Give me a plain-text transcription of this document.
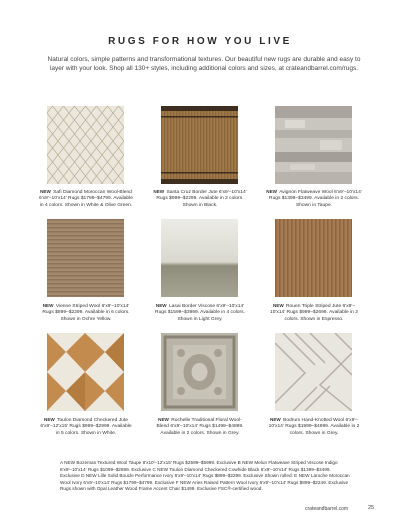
RUGS FOR HOW YOU LIVE
Natural colors, simple patterns and transformational textures. Our beautiful new rugs are durable and easy to layer with your look. Shop all 130+ styles, including additional colors and sizes, at crateandbarrel.com/rugs.
NEW Safi Diamond Moroccan Wool-Blend 6'x9'–10'x14' Rugs $1799–$4799. Available in 4 colors. Shown in White & Olive Green.
NEW Santa Cruz Border Jute 6'x9'–10'x14' Rugs $999–$2299. Available in 2 colors. Shown in Black.
NEW Avignon Flatweave Wool 6'x9'–10'x14' Rugs $1399–$3499. Available in 2 colors. Shown in Taupe.
NEW Vienne Striped Wool 6'x9'–10'x14' Rugs $899–$2299. Available in 6 colors. Shown in Ochre Yellow.
NEW Lasai Border Viscose 6'x9'–10'x14' Rugs $1599–$3999. Available in 4 colors. Shown in Light Grey.
NEW Rouen Triple Striped Jute 6'x9'–10'x14' Rugs $999–$2699. Available in 2 colors. Shown in Espresso.
NEW Toulon Diamond Checkered Jute 6'x9'–12'x15' Rugs $999–$2999. Available in 5 colors. Shown in White.
NEW Rochelle Traditional Floral Wool-Blend 6'x9'–10'x14' Rugs $1499–$4899. Available in 2 colors. Shown in Grey.
NEW Bodrum Hand-Knotted Wool 6'x9'–10'x14' Rugs $1999–$4999. Available in 2 colors. Shown in Grey.
A NEW Bozeman Textured Wool Taupe 8'x10'–12'x15' Rugs $2599–$5999. Exclusive B NEW Melun Flatweave Striped Viscose Indigo 6'x9'–10'x14' Rugs $1099–$2899. Exclusive C NEW Toulon Diamond Checkered Cowhide Black 6'x9'–10'x14' Rugs $1399–$3499. Exclusive D NEW Lille Solid Boucle Performance Ivory 6'x9'–10'x14' Rugs $899–$2299. Exclusive Shown rolled: E NEW Laroche Moroccan Wool Ivory 6'x9'–10'x14' Rugs $1799–$4799. Exclusive F NEW Aries Raised Pattern Wool Ivory 6'x9'–10'x14' Rugs $899–$2249. Exclusive Rugs shown with Opal Leather Wood Frame Accent Chair $1499. Exclusive FSC®-certified wood.
crateandbarrel.com	25
